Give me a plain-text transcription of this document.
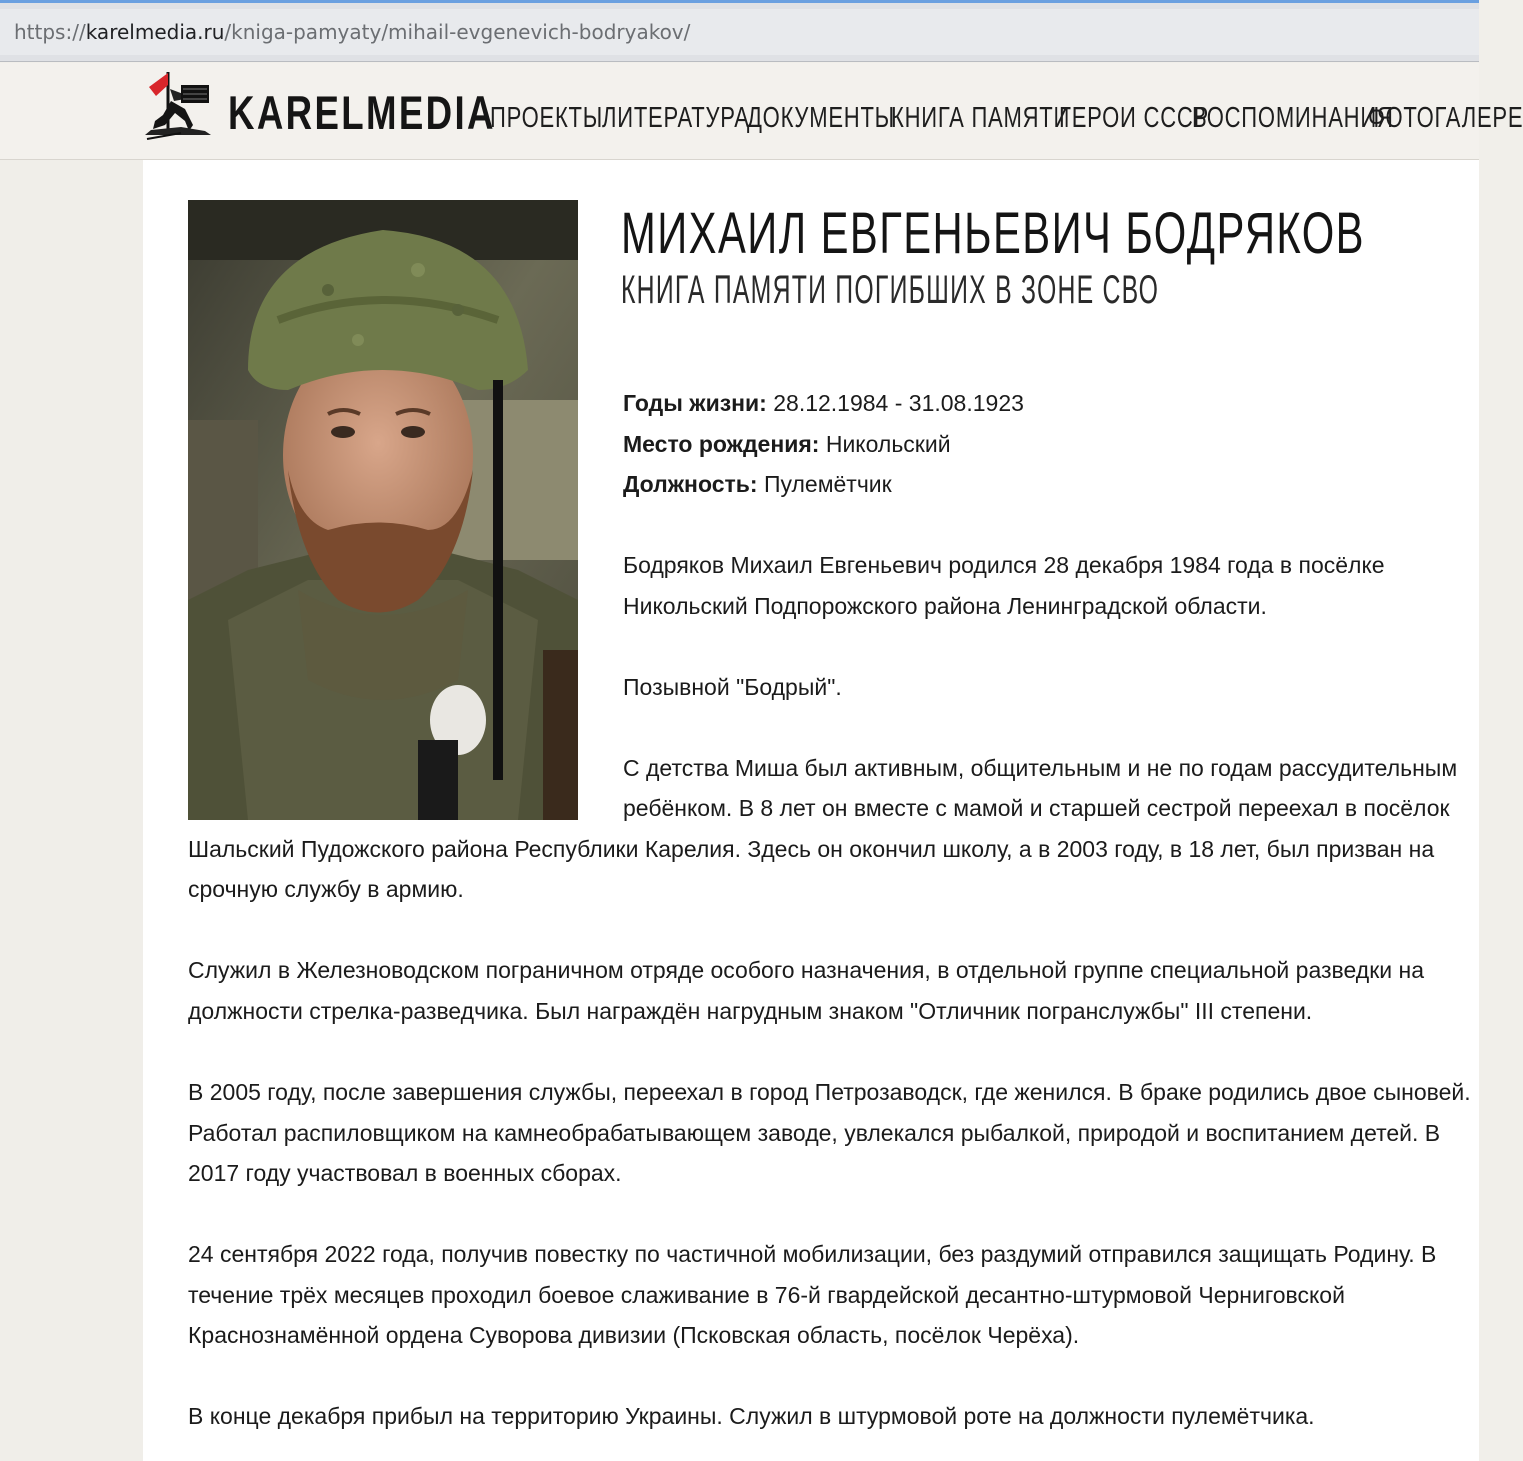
https://karelmedia.ru/kniga-pamyaty/mihail-evgenevich-bodryakov/
KARELMEDIA
ПРОЕКТЫ
ЛИТЕРАТУРА
ДОКУМЕНТЫ
КНИГА ПАМЯТИ
ГЕРОИ СССР
ВОСПОМИНАНИЯ
ФОТОГАЛЕРЕ
МИХАИЛ ЕВГЕНЬЕВИЧ БОДРЯКОВ
КНИГА ПАМЯТИ ПОГИБШИХ В ЗОНЕ СВО
Годы жизни: 28.12.1984 - 31.08.1923
Место рождения: Никольский
Должность: Пулемётчик
Бодряков Михаил Евгеньевич родился 28 декабря 1984 года в посёлке
Никольский Подпорожского района Ленинградской области.
Позывной "Бодрый".
С детства Миша был активным, общительным и не по годам рассудительным
ребёнком. В 8 лет он вместе с мамой и старшей сестрой переехал в посёлок
Шальский Пудожского района Республики Карелия. Здесь он окончил школу, а в 2003 году, в 18 лет, был призван на
срочную службу в армию.
Служил в Железноводском пограничном отряде особого назначения, в отдельной группе специальной разведки на
должности стрелка-разведчика. Был награждён нагрудным знаком "Отличник погранслужбы" III степени.
В 2005 году, после завершения службы, переехал в город Петрозаводск, где женился. В браке родились двое сыновей.
Работал распиловщиком на камнеобрабатывающем заводе, увлекался рыбалкой, природой и воспитанием детей. В
2017 году участвовал в военных сборах.
24 сентября 2022 года, получив повестку по частичной мобилизации, без раздумий отправился защищать Родину. В
течение трёх месяцев проходил боевое слаживание в 76-й гвардейской десантно-штурмовой Черниговской
Краснознамённой ордена Суворова дивизии (Псковская область, посёлок Черёха).
В конце декабря прибыл на территорию Украины. Служил в штурмовой роте на должности пулемётчика.
